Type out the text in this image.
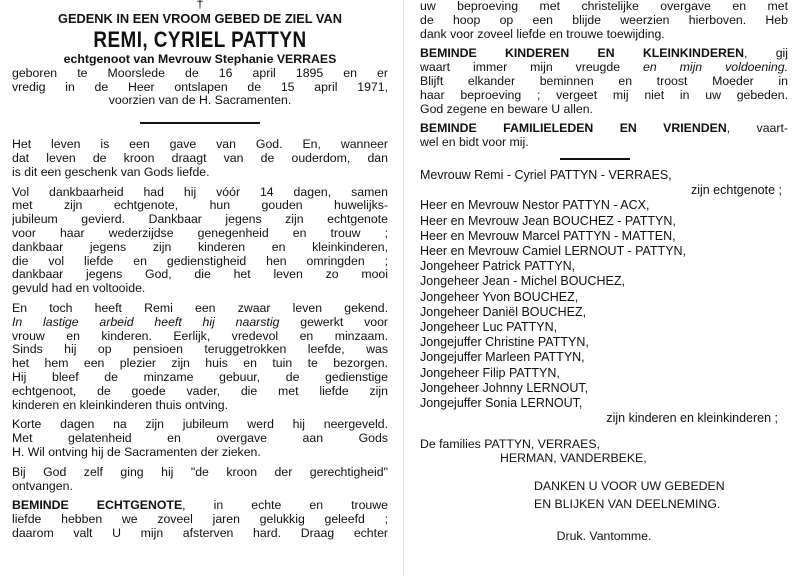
†

GEDENK IN EEN VROOM GEBED DE ZIEL VAN

REMI, CYRIEL PATTYN

echtgenoot van Mevrouw Stephanie VERRAES

geboren te Moorslede de 16 april 1895 en er

vredig in de Heer ontslapen de 15 april 1971,

voorzien van de H. Sacramenten.

Het leven is een gave van God. En, wanneer

dat leven de kroon draagt van de ouderdom, dan

is dit een geschenk van Gods liefde.

Vol dankbaarheid had hij vóór 14 dagen, samen

met zijn echtgenote, hun gouden huwelijks-

jubileum gevierd. Dankbaar jegens zijn echtgenote

voor haar wederzijdse genegenheid en trouw ;

dankbaar jegens zijn kinderen en kleinkinderen,

die vol liefde en gedienstigheid hen omringden ;

dankbaar jegens God, die het leven zo mooi

gevuld had en voltooide.

En toch heeft Remi een zwaar leven gekend.

In lastige arbeid heeft hij naarstig gewerkt voor

vrouw en kinderen. Eerlijk, vredevol en minzaam.

Sinds hij op pensioen teruggetrokken leefde, was

het hem een plezier zijn huis en tuin te bezorgen.

Hij bleef de minzame gebuur, de gedienstige

echtgenoot, de goede vader, die met liefde zijn

kinderen en kleinkinderen thuis ontving.

Korte dagen na zijn jubileum werd hij neergeveld.

Met gelatenheid en overgave aan Gods

H. Wil ontving hij de Sacramenten der zieken.

Bij God zelf ging hij "de kroon der gerechtigheid"

ontvangen.

BEMINDE ECHTGENOTE, in echte en trouwe

liefde hebben we zoveel jaren gelukkig geleefd ;

daarom valt U mijn afsterven hard. Draag echter

uw beproeving met christelijke overgave en met

de hoop op een blijde weerzien hierboven. Heb

dank voor zoveel liefde en trouwe toewijding.

BEMINDE KINDEREN EN KLEINKINDEREN, gij

waart immer mijn vreugde en mijn voldoening.

Blijft elkander beminnen en troost Moeder in

haar beproeving ; vergeet mij niet in uw gebeden.

God zegene en beware U allen.

BEMINDE FAMILIELEDEN EN VRIENDEN, vaart-

wel en bidt voor mij.

Mevrouw Remi - Cyriel PATTYN - VERRAES,

zijn echtgenote ;

Heer en Mevrouw Nestor PATTYN - ACX,

Heer en Mevrouw Jean BOUCHEZ - PATTYN,

Heer en Mevrouw Marcel PATTYN - MATTEN,

Heer en Mevrouw Camiel LERNOUT - PATTYN,

Jongeheer Patrick PATTYN,

Jongeheer Jean - Michel BOUCHEZ,

Jongeheer Yvon BOUCHEZ,

Jongeheer Daniël BOUCHEZ,

Jongeheer Luc PATTYN,

Jongejuffer Christine PATTYN,

Jongejuffer Marleen PATTYN,

Jongeheer Filip PATTYN,

Jongeheer Johnny LERNOUT,

Jongejuffer Sonia LERNOUT,

zijn kinderen en kleinkinderen ;

De families PATTYN, VERRAES,

HERMAN, VANDERBEKE,

DANKEN U VOOR UW GEBEDEN

EN BLIJKEN VAN DEELNEMING.

Druk. Vantomme.
